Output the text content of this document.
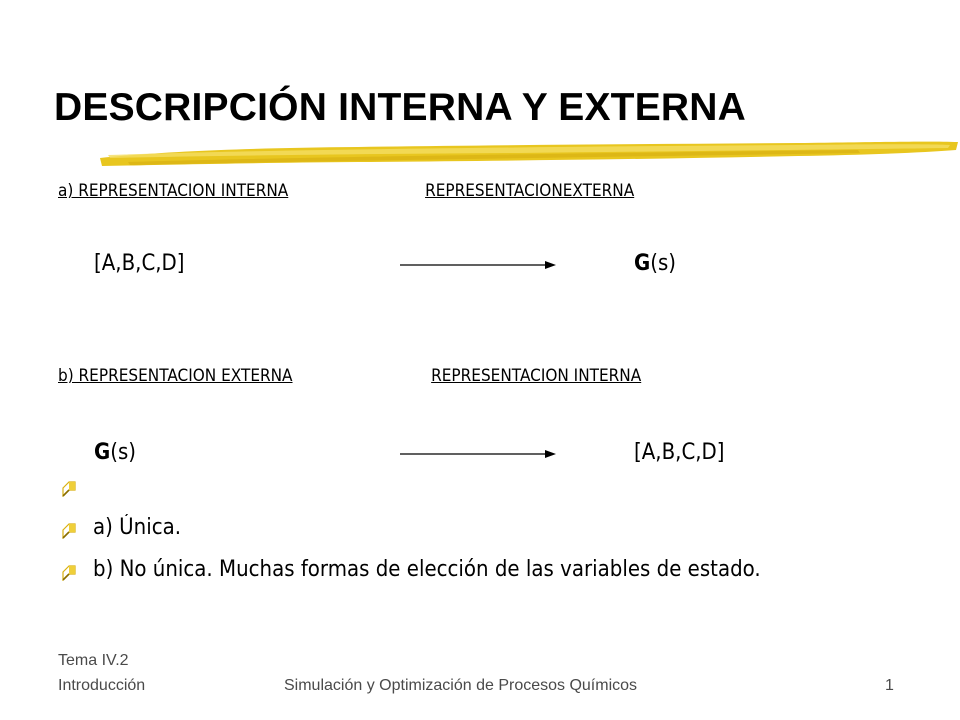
DESCRIPCIÓN INTERNA Y EXTERNA
a) REPRESENTACION INTERNA	REPRESENTACIONEXTERNA
[A,B,C,D]	G(s)
b) REPRESENTACION EXTERNA	REPRESENTACION INTERNA
G(s)	[A,B,C,D]
a) Única.
b) No única. Muchas formas de elección de las variables de estado.
Tema IV.2
Introducción	Simulación y Optimización de Procesos Químicos	1
